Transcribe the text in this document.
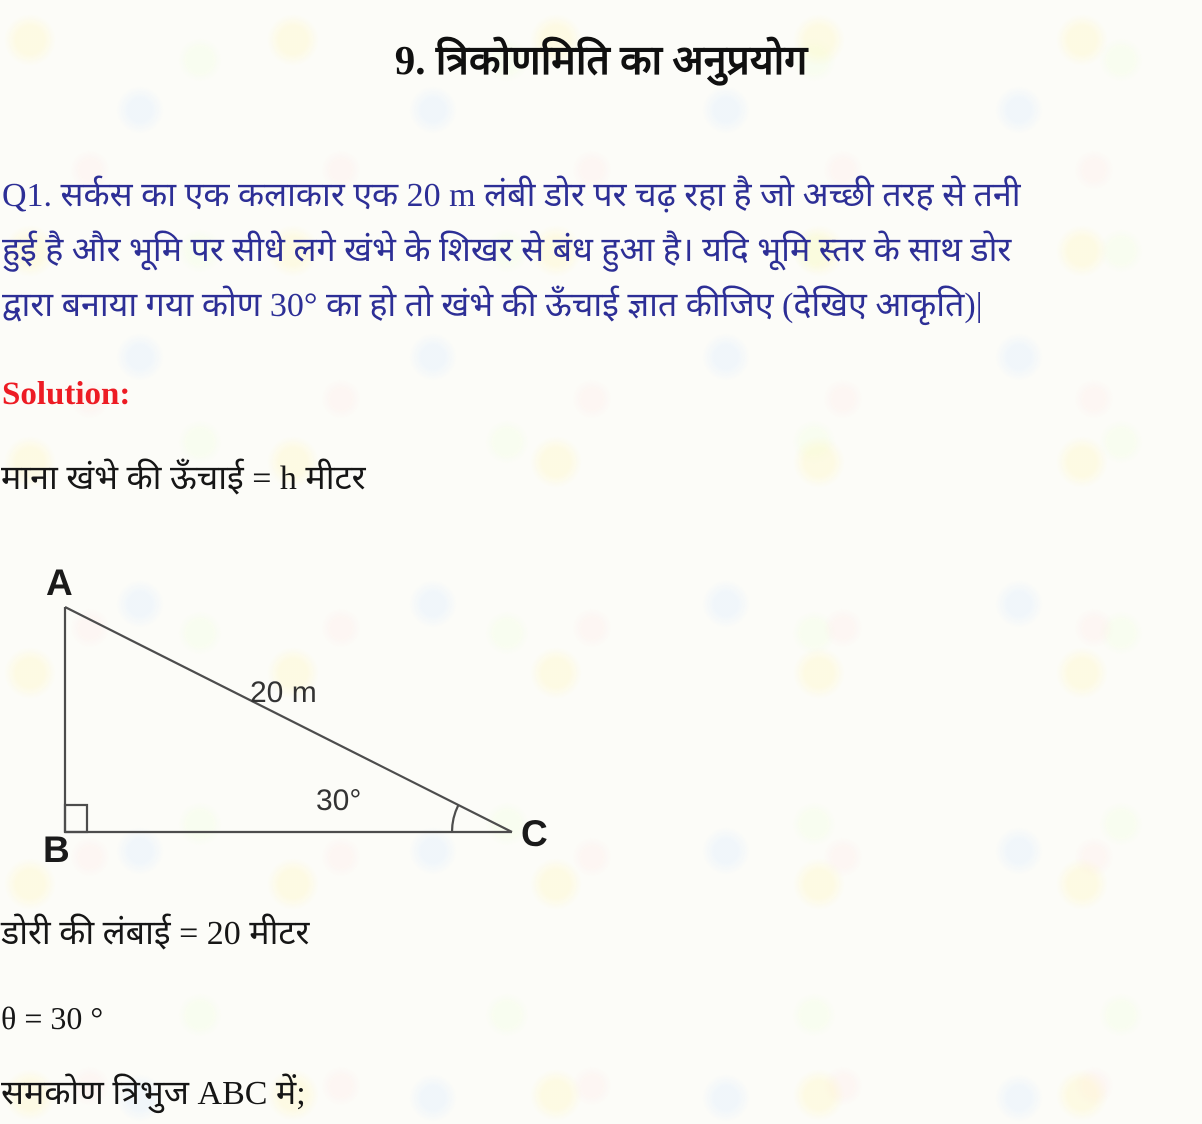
9. त्रिकोणमिति का अनुप्रयोग
Q1. सर्कस का एक कलाकार एक 20 m लंबी डोर पर चढ़ रहा है जो अच्छी तरह से तनी
हुई है और भूमि पर सीधे लगे खंभे के शिखर से बंध हुआ है। यदि भूमि स्तर के साथ डोर
द्वारा बनाया गया कोण 30° का हो तो खंभे की ऊँचाई ज्ञात कीजिए (देखिए आकृति)|
Solution:
माना खंभे की ऊँचाई = h मीटर
A
B	C
20 m
30°
डोरी की लंबाई = 20 मीटर
θ = 30 °
समकोण त्रिभुज ABC में;
